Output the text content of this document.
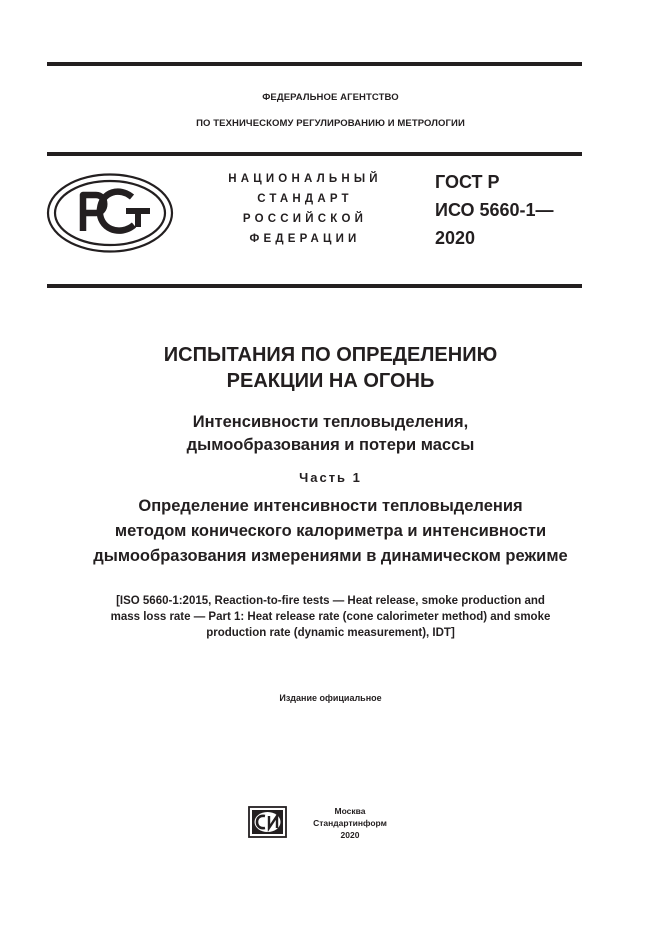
ФЕДЕРАЛЬНОЕ АГЕНТСТВО
ПО ТЕХНИЧЕСКОМУ РЕГУЛИРОВАНИЮ И МЕТРОЛОГИИ
НАЦИОНАЛЬНЫЙ
СТАНДАРТ
РОССИЙСКОЙ
ФЕДЕРАЦИИ
ГОСТ Р
ИСО 5660-1—
2020
ИСПЫТАНИЯ ПО ОПРЕДЕЛЕНИЮ
РЕАКЦИИ НА ОГОНЬ
Интенсивности тепловыделения,
дымообразования и потери массы
Часть 1
Определение интенсивности тепловыделения
методом конического калориметра и интенсивности
дымообразования измерениями в динамическом режиме
[ISO 5660-1:2015, Reaction-to-fire tests — Heat release, smoke production and
mass loss rate — Part 1: Heat release rate (cone calorimeter method) and smoke
production rate (dynamic measurement), IDT]
Издание официальное
Москва
Стандартинформ
2020
